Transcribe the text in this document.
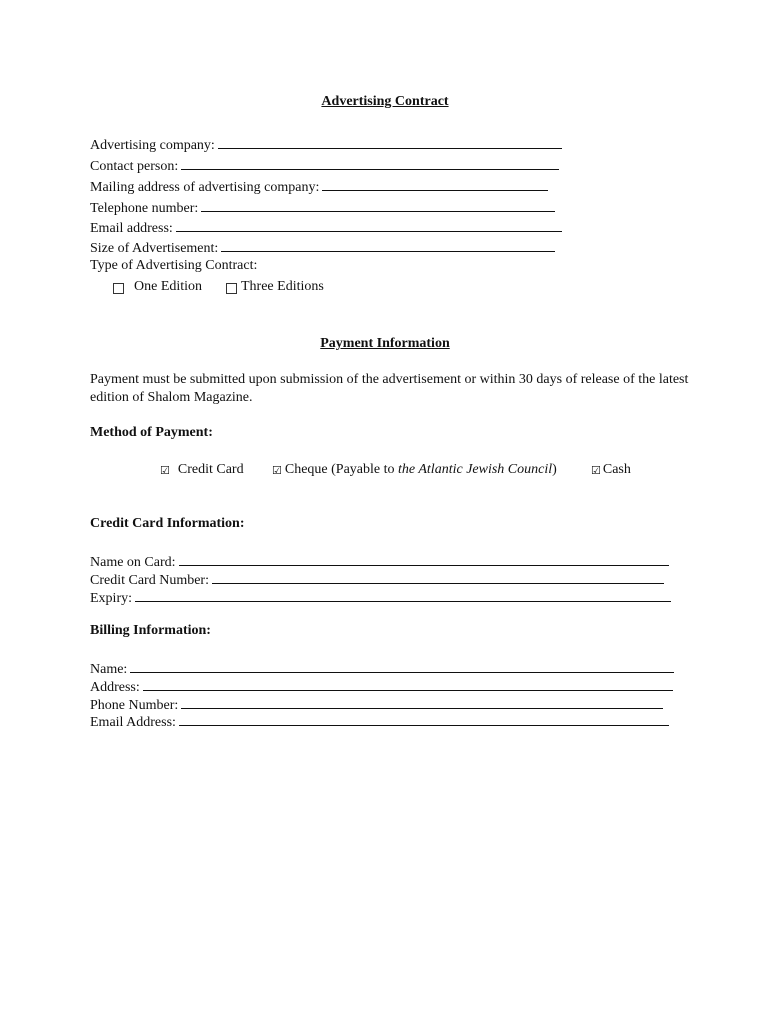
Advertising Contract
Advertising company:
Contact person:
Mailing address of advertising company:
Telephone number:
Email address:
Size of Advertisement:
Type of Advertising Contract:
One Edition	Three Editions
Payment Information
Payment must be submitted upon submission of the advertisement or within 30 days of release of the latest edition of Shalom Magazine.
Method of Payment:
☑ Credit Card	☑ Cheque (Payable to the Atlantic Jewish Council)	☑ Cash
Credit Card Information:
Name on Card:
Credit Card Number:
Expiry:
Billing Information:
Name:
Address:
Phone Number:
Email Address:
